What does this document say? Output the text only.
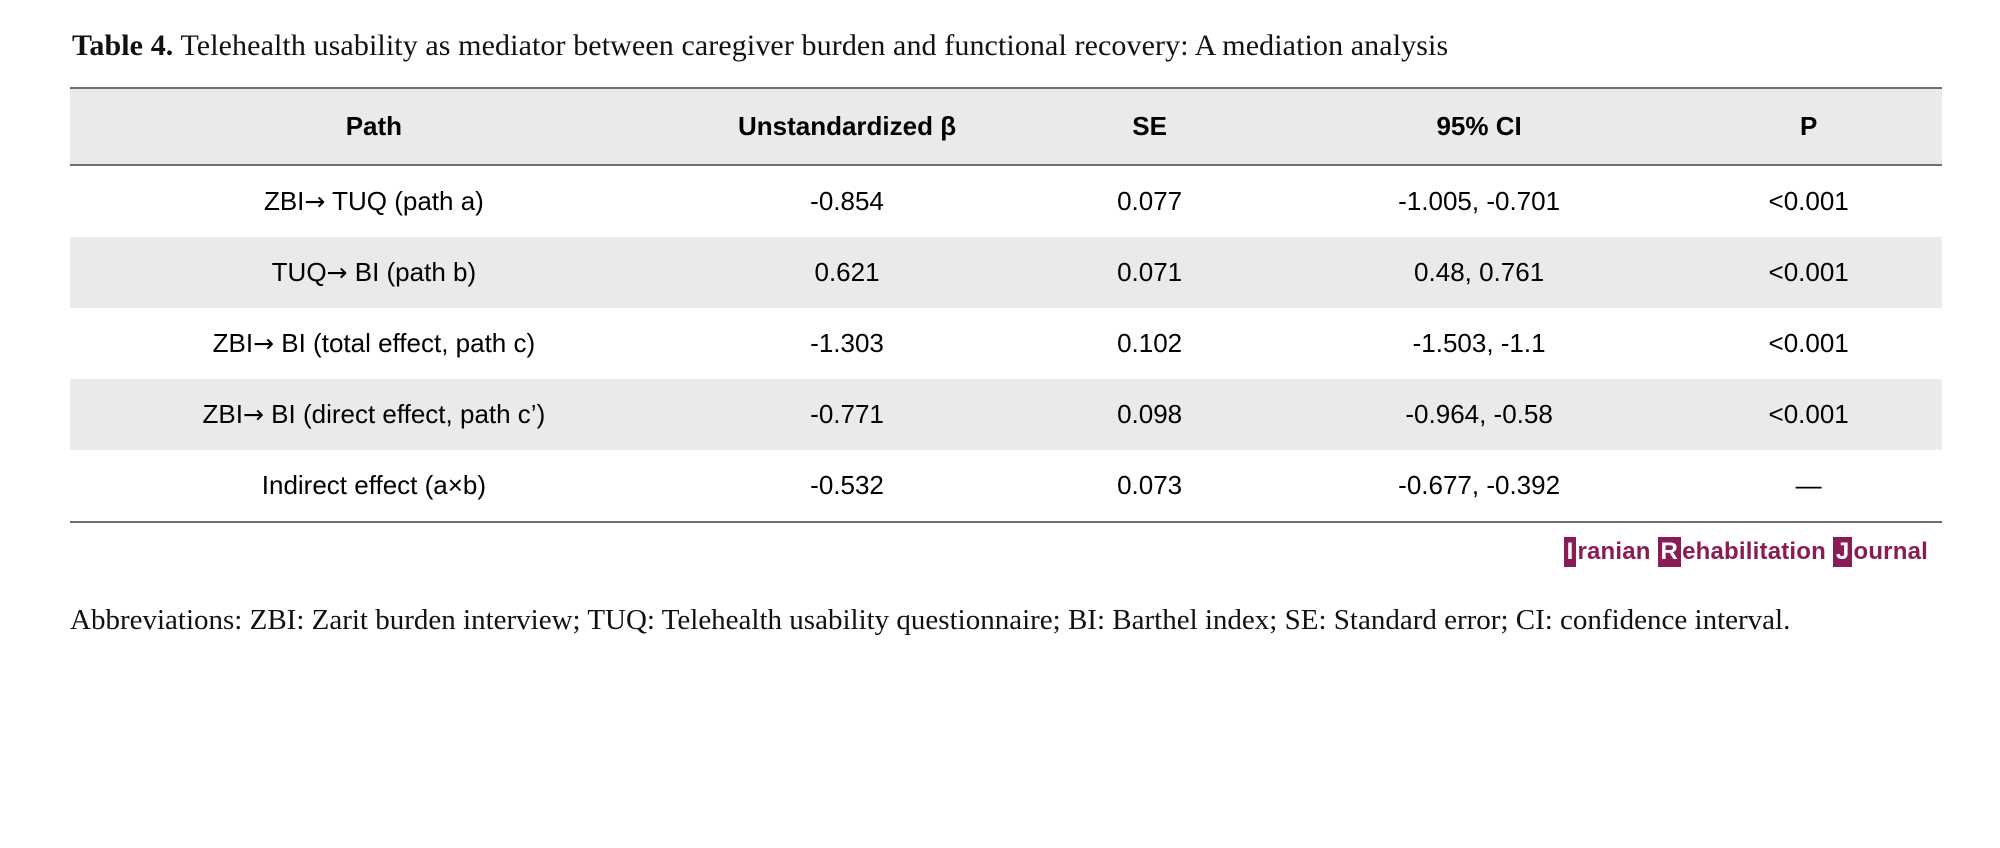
Table 4. Telehealth usability as mediator between caregiver burden and functional recovery: A mediation analysis
Path	Unstandardized β	SE	95% CI	P
ZBI→ TUQ (path a)	-0.854	0.077	-1.005, -0.701	<0.001
TUQ→ BI (path b)	0.621	0.071	0.48, 0.761	<0.001
ZBI→ BI (total effect, path c)	-1.303	0.102	-1.503, -1.1	<0.001
ZBI→ BI (direct effect, path c’)	-0.771	0.098	-0.964, -0.58	<0.001
Indirect effect (a×b)	-0.532	0.073	-0.677, -0.392	—
I ranian R ehabilitation J ournal
Abbreviations: ZBI: Zarit burden interview; TUQ: Telehealth usability questionnaire; BI: Barthel index; SE: Standard error; CI: confidence interval.
